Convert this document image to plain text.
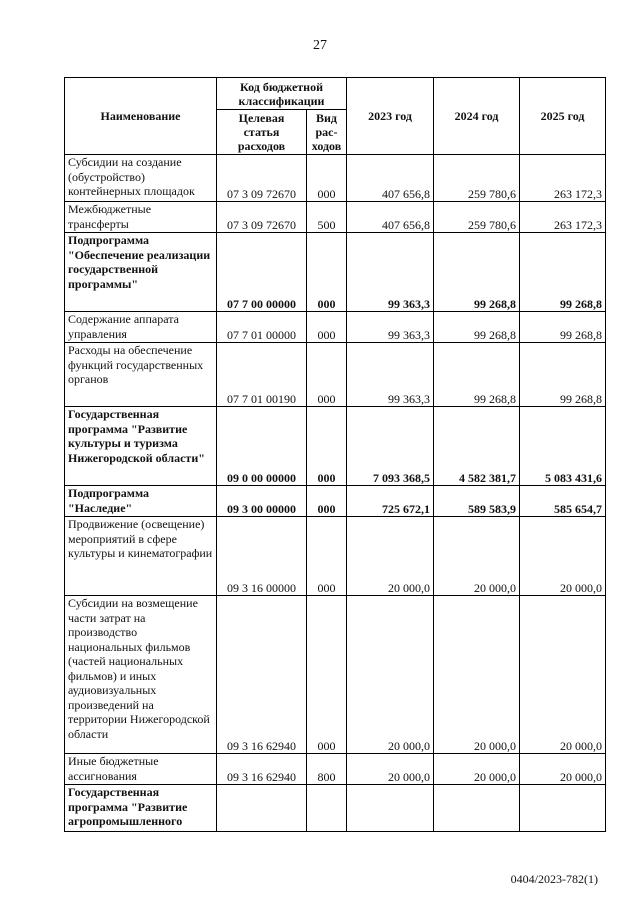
27
Наименование	Код бюджетной классификации		2023 год	2024 год	2025 год
	Целевая статья расходов	Вид рас- ходов			
Субсидии на создание (обустройство) контейнерных площадок	07 3 09 72670	000	407 656,8	259 780,6	263 172,3
Межбюджетные трансферты	07 3 09 72670	500	407 656,8	259 780,6	263 172,3
Подпрограмма "Обеспечение реализации государственной программы"	07 7 00 00000	000	99 363,3	99 268,8	99 268,8
Содержание аппарата управления	07 7 01 00000	000	99 363,3	99 268,8	99 268,8
Расходы на обеспечение функций государственных органов	07 7 01 00190	000	99 363,3	99 268,8	99 268,8
Государственная программа "Развитие культуры и туризма Нижегородской области"	09 0 00 00000	000	7 093 368,5	4 582 381,7	5 083 431,6
Подпрограмма "Наследие"	09 3 00 00000	000	725 672,1	589 583,9	585 654,7
Продвижение (освещение) мероприятий в сфере культуры и кинематографии	09 3 16 00000	000	20 000,0	20 000,0	20 000,0
Субсидии на возмещение части затрат на производство национальных фильмов (частей национальных фильмов) и иных аудиовизуальных произведений на территории Нижегородской области	09 3 16 62940	000	20 000,0	20 000,0	20 000,0
Иные бюджетные ассигнования	09 3 16 62940	800	20 000,0	20 000,0	20 000,0
Государственная программа "Развитие агропромышленного					
0404/2023-782(1)
